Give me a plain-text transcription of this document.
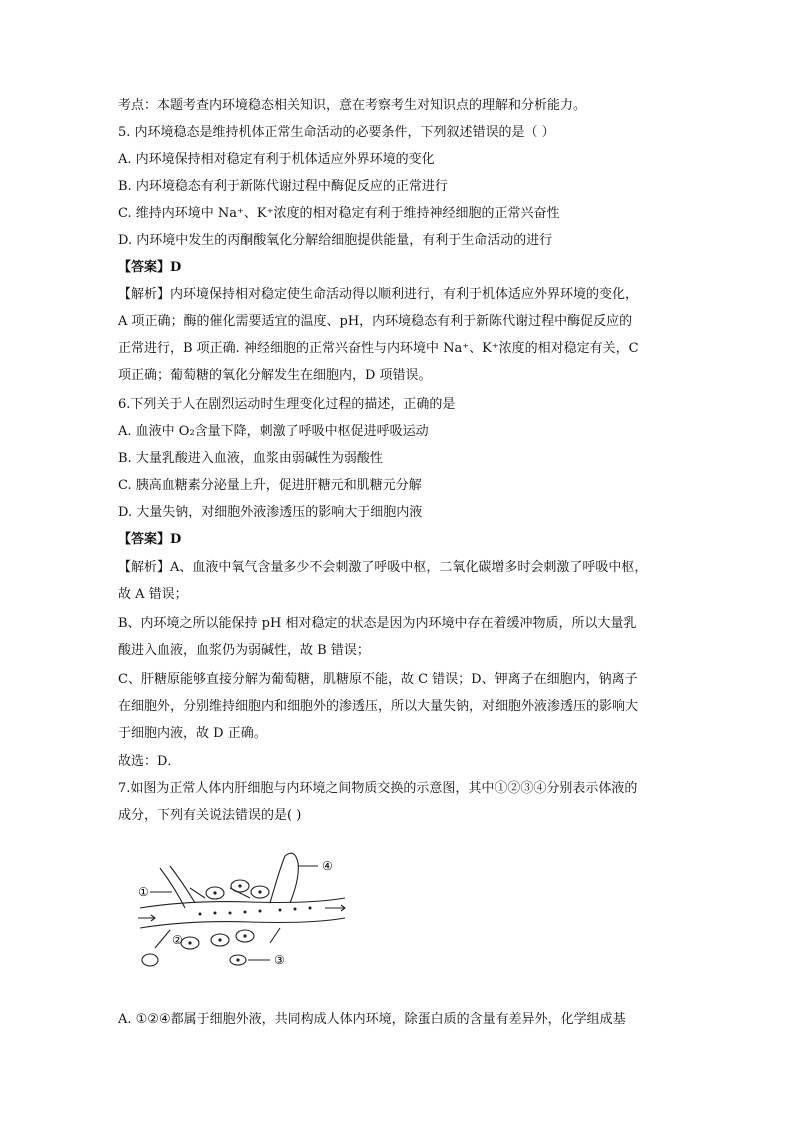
考点：本题考查内环境稳态相关知识，意在考察考生对知识点的理解和分析能力。
5. 内环境稳态是维持机体正常生命活动的必要条件，下列叙述错误的是（ ）
A. 内环境保持相对稳定有利于机体适应外界环境的变化
B. 内环境稳态有利于新陈代谢过程中酶促反应的正常进行
C. 维持内环境中 Na⁺、K⁺浓度的相对稳定有利于维持神经细胞的正常兴奋性
D. 内环境中发生的丙酮酸氧化分解给细胞提供能量，有利于生命活动的进行
【答案】D
【解析】内环境保持相对稳定使生命活动得以顺利进行，有利于机体适应外界环境的变化，
A 项正确；酶的催化需要适宜的温度、pH，内环境稳态有利于新陈代谢过程中酶促反应的
正常进行，B 项正确. 神经细胞的正常兴奋性与内环境中 Na⁺、K⁺浓度的相对稳定有关，C
项正确；葡萄糖的氧化分解发生在细胞内，D 项错误。
6.下列关于人在剧烈运动时生理变化过程的描述，正确的是
A. 血液中 O₂含量下降，刺激了呼吸中枢促进呼吸运动
B. 大量乳酸进入血液，血浆由弱碱性为弱酸性
C. 胰高血糖素分泌量上升，促进肝糖元和肌糖元分解
D. 大量失钠，对细胞外液渗透压的影响大于细胞内液
【答案】D
【解析】A、血液中氧气含量多少不会刺激了呼吸中枢，二氧化碳增多时会刺激了呼吸中枢，
故 A 错误；
B、内环境之所以能保持 pH 相对稳定的状态是因为内环境中存在着缓冲物质，所以大量乳
酸进入血液，血浆仍为弱碱性，故 B 错误；
C、肝糖原能够直接分解为葡萄糖，肌糖原不能，故 C 错误；D、钾离子在细胞内，钠离子
在细胞外，分别维持细胞内和细胞外的渗透压，所以大量失钠，对细胞外液渗透压的影响大
于细胞内液，故 D 正确。
故选：D．
7.如图为正常人体内肝细胞与内环境之间物质交换的示意图，其中①②③④分别表示体液的
成分，下列有关说法错误的是( )
①
②
③
④
A. ①②④都属于细胞外液，共同构成人体内环境，除蛋白质的含量有差异外，化学组成基
